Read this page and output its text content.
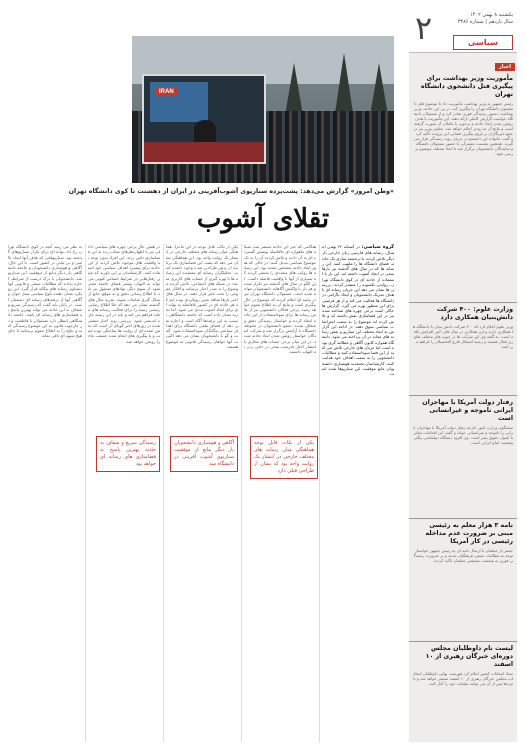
یکشنبه ۸ بهمن ۱۴۰۲
سال یازدهم | شماره ۳۴۸۶
۲	سیاسی
اخبار
مأموریت وزیر بهداشت برای پیگیری قتل دانشجوی دانشگاه تهران
رئیس جمهور به وزیر بهداشت مأموریت داد تا موضوع قتل دانشجوی دانشگاه تهران را پیگیری کند. در پی این حادثه، وزیر بهداشت دستور رسیدگی فوری صادر کرد و از مسئولان دانشگاه خواست گزارش کاملی ارائه دهند. این مأموریت با هدف روشن شدن ابعاد حادثه و برخورد با عاملان آن صورت گرفته است و نتایج آن به زودی اعلام خواهد شد. معاون وزیر نیز در جمع خبرنگاران بر لزوم پیگیری قضایی این پرونده تأکید کرد و گفت خانواده این دانشجو در جریان روند رسیدگی قرار می گیرند. همچنین نشست مشترکی با حضور مسئولان دانشگاه و نمایندگان دانشجویان برگزار شد تا ابعاد مختلف موضوع بررسی شود.
وزارت علوم: ۴۰۰ شرکت دانش‌بنیان همکاری دارد
وزیر علوم اعلام کرد که ۴۰۰ شرکت دانش بنیان با دانشگاه ها همکاری دارند و این همکاری در سال های اخیر افزایش یافته است. به گفته وی این شرکت ها در حوزه های مختلف فناوری فعال هستند و زمینه اشتغال فارغ التحصیلان را فراهم می کنند.
رفتار دولت آمریکا با مهاجران ایرانی ناموجه و غیرانسانی است
سخنگوی وزارت امور خارجه رفتار دولت آمریکا با مهاجران ایرانی را ناموجه و غیرانسانی خواند و گفت این اقدامات مغایر با اصول حقوق بشر است. وی افزود دستگاه دیپلماسی پیگیر وضعیت اتباع ایرانی است.
نامه ۳ هزار معلم به رئیسی مبنی بر ضرورت عدم مداخله رئیسی در کار آمریکا
جمعی از معلمان با ارسال نامه ای به رئیس جمهور خواستار توجه به مطالبات صنفی فرهنگیان شدند و بر ضرورت رسیدگی فوری به وضعیت معیشتی معلمان تأکید کردند.
لیست نام داوطلبان مجلس دوره‌ای خبرگان رهبری از ۱۰ اسفند
ستاد انتخابات کشور اعلام کرد فهرست نهایی داوطلبان انتخابات مجلس خبرگان رهبری از ۱۰ اسفند منتشر خواهد شد و نامزدها پس از آن می توانند تبلیغات خود را آغاز کنند.
IRAN
«وطن امروز» گزارش می‌دهد: پشت‌پرده سناریوی آشوب‌آفرینی در ایران از دهشتت تا کوی دانشگاه تهران
تقلای آشوب
گروه سیاسی: در آستانه ۲۲ بهمن امسال، رسانه های فارسی زبان خارجی بار دیگر تلاش کردند با برجسته سازی یک حادثه، فضای دانشگاه ها را ملتهب کنند. این رسانه ها که در سال های گذشته نیز بارها سعی در ایجاد آشوب داشته اند، این بار با استفاده از حادثه ای در کوی دانشگاه تهران، روایتی یکسویه را منتشر کردند. بررسی ها نشان می دهد این جریان رسانه ای با هدف تحریک دانشجویان و ایجاد ناآرامی در دانشگاه ها فعالیت می کند و از هر فرصتی برای این منظور بهره می گیرد. گزارش ها حاکی است برخی چهره های شناخته شده نیز در این فضاسازی نقش داشته اند و تلاش کرده اند موضوع را به سمت اعتراضات سیاسی سوق دهند. در ادامه این گزارش به ابعاد مختلف این سناریو و نقش رسانه های معاند در آن پرداخته می شود. دانشگاه همواره کانون آگاهی و مطالبه گری بوده است اما جریان های خارجی تلاش می کنند از این فضا سوءاستفاده کنند و مطالبات دانشجویی را به سمت اهداف خود هدایت کنند. کارشناسان معتقدند هوشیاری دانشجویان مانع موفقیت این سناریوها شده است.
هنگامی که خبر این حادثه منتشر شد، شبکه های ماهواره ای بلافاصله پوشش گسترده ای به آن دادند و تلاش کردند آن را به یک موضوع سیاسی تبدیل کنند. در حالی که هنوز ابعاد حادثه مشخص نشده بود، این رسانه ها روایت های متعددی را منتشر کردند که بسیاری از آنها با واقعیت فاصله داشت. این الگو در سال های گذشته نیز تکرار شده و هر بار با واکنش آگاهانه دانشجویان مواجه شده است. مسئولان دانشگاه تهران نیز در بیانیه ای اعلام کردند که موضوع در حال پیگیری است و نتایج آن به اطلاع عموم خواهد رسید. برخی فعالان دانشجویی نیز از تلاش رسانه ها برای سوءاستفاده از این حادثه انتقاد کردند و خواستار رسیدگی دقیق و شفاف شدند. تجمع دانشجویان در محوطه دانشگاه با آرامش برگزار شد و شرکت کنندگان خواستار روشن شدن ابعاد حادثه شدند. در این میان برخی حساب های مجازی با انتشار اخبار نادرست سعی در دامن زدن به التهاب داشتند.
یکی از نکات قابل توجه در این ماجرا، هماهنگی میان رسانه های مختلف خارجی در انتشار یک روایت واحد بود. این هماهنگی نشان می دهد که پشت این فضاسازی یک برنامه از پیش طراحی شده وجود داشته است. تحلیلگران رسانه ای معتقدند این رسانه ها با بهره گیری از حساب های کاربری متعدد در شبکه های اجتماعی، تلاش کردند موضوع را به صدر اخبار برسانند و افکار عمومی را تحت تاثیر قرار دهند. در سال های اخیر بارها شاهد چنین رویکردی بوده ایم که هر حادثه ای در کشور بلافاصله به بهانه ای برای ایجاد آشوب تبدیل می شود. اما تجربه نشان داده است که جامعه دانشگاهی نسبت به این ترفندها آگاه است و اجازه نمی دهد از فضای علمی دانشگاه برای اهداف سیاسی بیگانگان سوءاستفاده شود. گفت و گو با دانشجویان نشان می دهد اکثریت آنها خواهان رسیدگی قانونی به موضوع هستند.
در همین حال برخی چهره های سیاسی داخلی نیز با اظهارنظرهای شتاب زده به این فضاسازی دامن زدند. این افراد بدون توجه به واقعیت های موجود، تلاش کردند از این حادثه برای پیشبرد اهداف سیاسی خود استفاده کنند. کارشناسان بر این باورند که چنین رفتارهایی در شرایط حساس کنونی می تواند به التهاب بیشتر فضای جامعه منجر شود. از سوی دیگر، نهادهای مسئول نیز باید با اطلاع رسانی دقیق و به موقع، مانع از شکل گیری شایعات شوند. تجربه سال های گذشته نشان می دهد که خلأ اطلاع رسانی رسمی زمینه را برای فعالیت رسانه های معاند فراهم می کند و باید در این زمینه چاره اندیشی شود. بررسی روند اخبار منتشر شده در روزهای اخیر گویای آن است که بخش عمده ای از روایت ها ساختگی بوده است و با پیگیری های انجام شده حقیقت ماجرا روشن خواهد شد.
به نظر می رسد آنچه در کوی دانشگاه تهران رخ داد، بهانه ای برای تکرار سناریوهای گذشته بود. سناریوهایی که هدف آنها ایجاد ناامنی و بی ثباتی در کشور است. با این حال، آگاهی و هوشیاری دانشجویان و جامعه دانشگاهی بار دیگر مانع از موفقیت این سناریو شد. دانشجویان با درک درست از شرایط، اجازه ندادند که مطالبات صنفی و قانونی آنها دستاویز رسانه های بیگانه قرار گیرد. این رویکرد نشان دهنده بلوغ سیاسی نسل جوان و آگاهی آنها از ترفندهای رسانه ای دشمنان است. در پایان باید گفت که رسیدگی سریع و شفاف به این حادثه می تواند بهترین پاسخ به فضاسازی های رسانه ای باشد. جامعه دانشگاهی انتظار دارد مسئولان با قاطعیت و در چارچوب قانون به این موضوع رسیدگی کنند و نتایج را به اطلاع عموم برسانند تا جای هیچ شبهه ای باقی نماند.
یکی از نکات قابل توجه هماهنگی میان رسانه های مختلف خارجی در انتشار یک روایت واحد بود که نشان از طراحی قبلی دارد
آگاهی و هوشیاری دانشجویان بار دیگر مانع از موفقیت سناریوی آشوب آفرینی در دانشگاه شد
رسیدگی سریع و شفاف به حادثه بهترین پاسخ به فضاسازی های رسانه ای خواهد بود
